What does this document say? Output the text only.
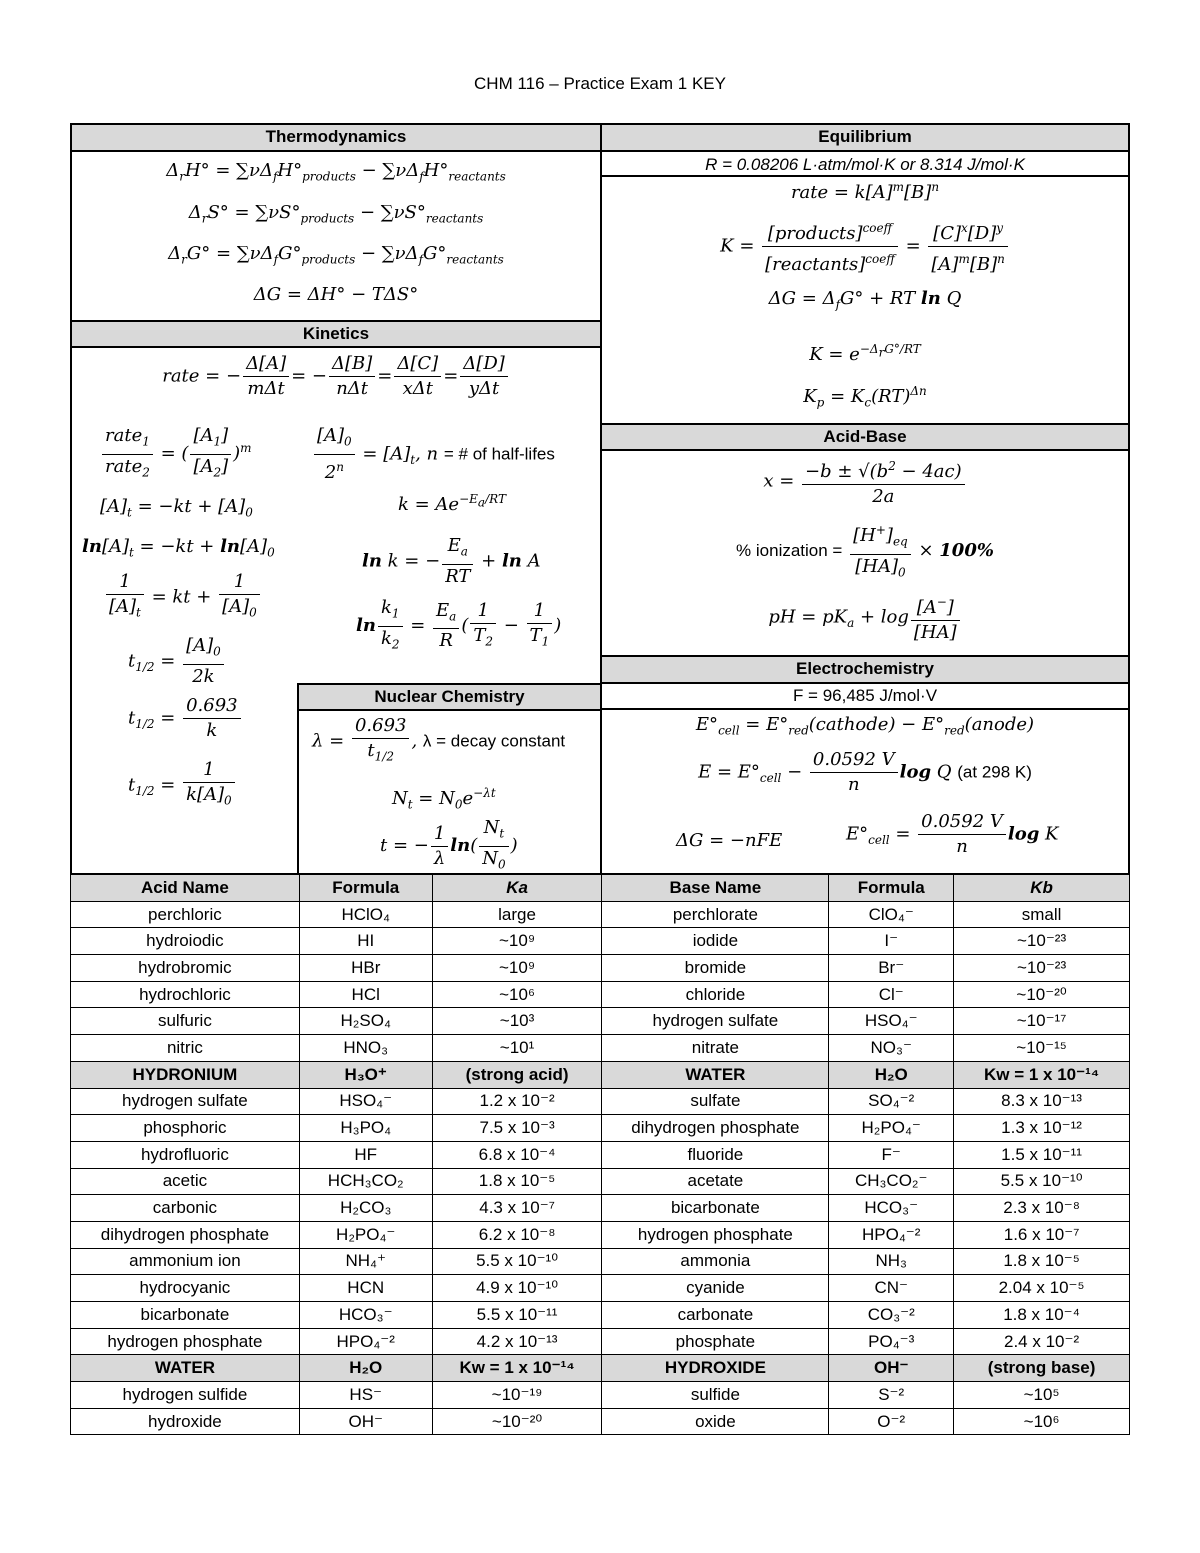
CHM 116 – Practice Exam 1 KEY
Thermodynamics
$\Delta_rH^\circ = \sum\nu\Delta_fH^\circ_{products} - \sum\nu\Delta_fH^\circ_{reactants}$
$\Delta_rS^\circ = \sum\nu S^\circ_{products} - \sum\nu S^\circ_{reactants}$
$\Delta_rG^\circ = \sum\nu\Delta_fG^\circ_{products} - \sum\nu\Delta_fG^\circ_{reactants}$
ΔG = ΔH° − TΔS°
Kinetics
rate = − $\frac{\Delta[A]}{\text{mΔt}}$ = − $\frac{\Delta[B]}{\text{nΔt}} = \frac{\Delta[C]}{\text{xΔt}} = \frac{\Delta[D]}{\text{yΔt}}$
$\frac{rate_1}{rate_2}$ = ( $\frac{[A_1]}{[A_2]} )^m$	$\frac{[A]_0}{2^n} = [A]_t$, n = # of half-lifes
$[A]_t = -kt + [A]_0$	$k = Ae^{-E_a/RT}$
$\ln[A]_t = -kt + \ln[A]_0$	ln k = − $\frac{E_a}{RT} + \ln A$
$\frac{1}{[A]_t}$ = kt + $\frac{1}{[A]_0}$
$\ln \frac{k_1}{k_2} = \frac{E_a}{R}$ ( $\frac{1}{T_2} - \frac{1}{T_1}$ )
$t_{1/2} = \frac{[A]_0}{2k}$
$t_{1/2} = \frac{0.693}{k}$
$t_{1/2} = \frac{1}{k[A]_0}$
Nuclear Chemistry
$\lambda = \frac{0.693}{t_{1/2}}$ , λ = decay constant
$N_t = N_0e^{-\lambda t}$
t = − $\frac{1}{\lambda} \ln( \frac{N_t}{N_0}$ )
Equilibrium
R = 0.08206 L·atm/mol·K or 8.314 J/mol·K
rate = $k[A]^m[B]^n$
$K = \frac{[products]^{coeff}}{[reactants]^{coeff}} = \frac{[C]^x[D]^y}{[A]^m[B]^n}$
$\Delta G = \Delta_fG^\circ$ + RT ln Q
$K = e^{-\Delta_rG^\circ/RT}$
$K_p = K_c(RT)^{\Delta n}$
Acid-Base
$x = \frac{-b \pm √(b^2 - 4ac)}{2a}$
% ionization = $\frac{[H^+]_{eq}}{[HA]_0} \times 100\%$
pH = $pK_a + \log \frac{[A^-]}{[HA]}$
Electrochemistry
F = 96,485 J/mol·V
$E^\circ_{cell}$ = $E^\circ_{red}(cathode)$ − $E^\circ_{red}(anode)$
$E = E^\circ_{cell} - \frac{0.0592 V}{n}$ log Q (at 298 K)
ΔG = −nFE	$E^\circ_{cell} = \frac{0.0592 V}{n}$ log K
Acid Name	Formula	Ka	Base Name	Formula	Kb
perchloric	HClO₄	large	perchlorate	ClO₄⁻	small
hydroiodic	HI	~10⁹	iodide	I⁻	~10⁻²³
hydrobromic	HBr	~10⁹	bromide	Br⁻	~10⁻²³
hydrochloric	HCl	~10⁶	chloride	Cl⁻	~10⁻²⁰
sulfuric	H₂SO₄	~10³	hydrogen sulfate	HSO₄⁻	~10⁻¹⁷
nitric	HNO₃	~10¹	nitrate	NO₃⁻	~10⁻¹⁵
HYDRONIUM	H₃O⁺	(strong acid)	WATER	H₂O	Kw = 1 x 10⁻¹⁴
hydrogen sulfate	HSO₄⁻	1.2 x 10⁻²	sulfate	SO₄⁻²	8.3 x 10⁻¹³
phosphoric	H₃PO₄	7.5 x 10⁻³	dihydrogen phosphate	H₂PO₄⁻	1.3 x 10⁻¹²
hydrofluoric	HF	6.8 x 10⁻⁴	fluoride	F⁻	1.5 x 10⁻¹¹
acetic	HCH₃CO₂	1.8 x 10⁻⁵	acetate	CH₃CO₂⁻	5.5 x 10⁻¹⁰
carbonic	H₂CO₃	4.3 x 10⁻⁷	bicarbonate	HCO₃⁻	2.3 x 10⁻⁸
dihydrogen phosphate	H₂PO₄⁻	6.2 x 10⁻⁸	hydrogen phosphate	HPO₄⁻²	1.6 x 10⁻⁷
ammonium ion	NH₄⁺	5.5 x 10⁻¹⁰	ammonia	NH₃	1.8 x 10⁻⁵
hydrocyanic	HCN	4.9 x 10⁻¹⁰	cyanide	CN⁻	2.04 x 10⁻⁵
bicarbonate	HCO₃⁻	5.5 x 10⁻¹¹	carbonate	CO₃⁻²	1.8 x 10⁻⁴
hydrogen phosphate	HPO₄⁻²	4.2 x 10⁻¹³	phosphate	PO₄⁻³	2.4 x 10⁻²
WATER	H₂O	Kw = 1 x 10⁻¹⁴	HYDROXIDE	OH⁻	(strong base)
hydrogen sulfide	HS⁻	~10⁻¹⁹	sulfide	S⁻²	~10⁵
hydroxide	OH⁻	~10⁻²⁰	oxide	O⁻²	~10⁶
